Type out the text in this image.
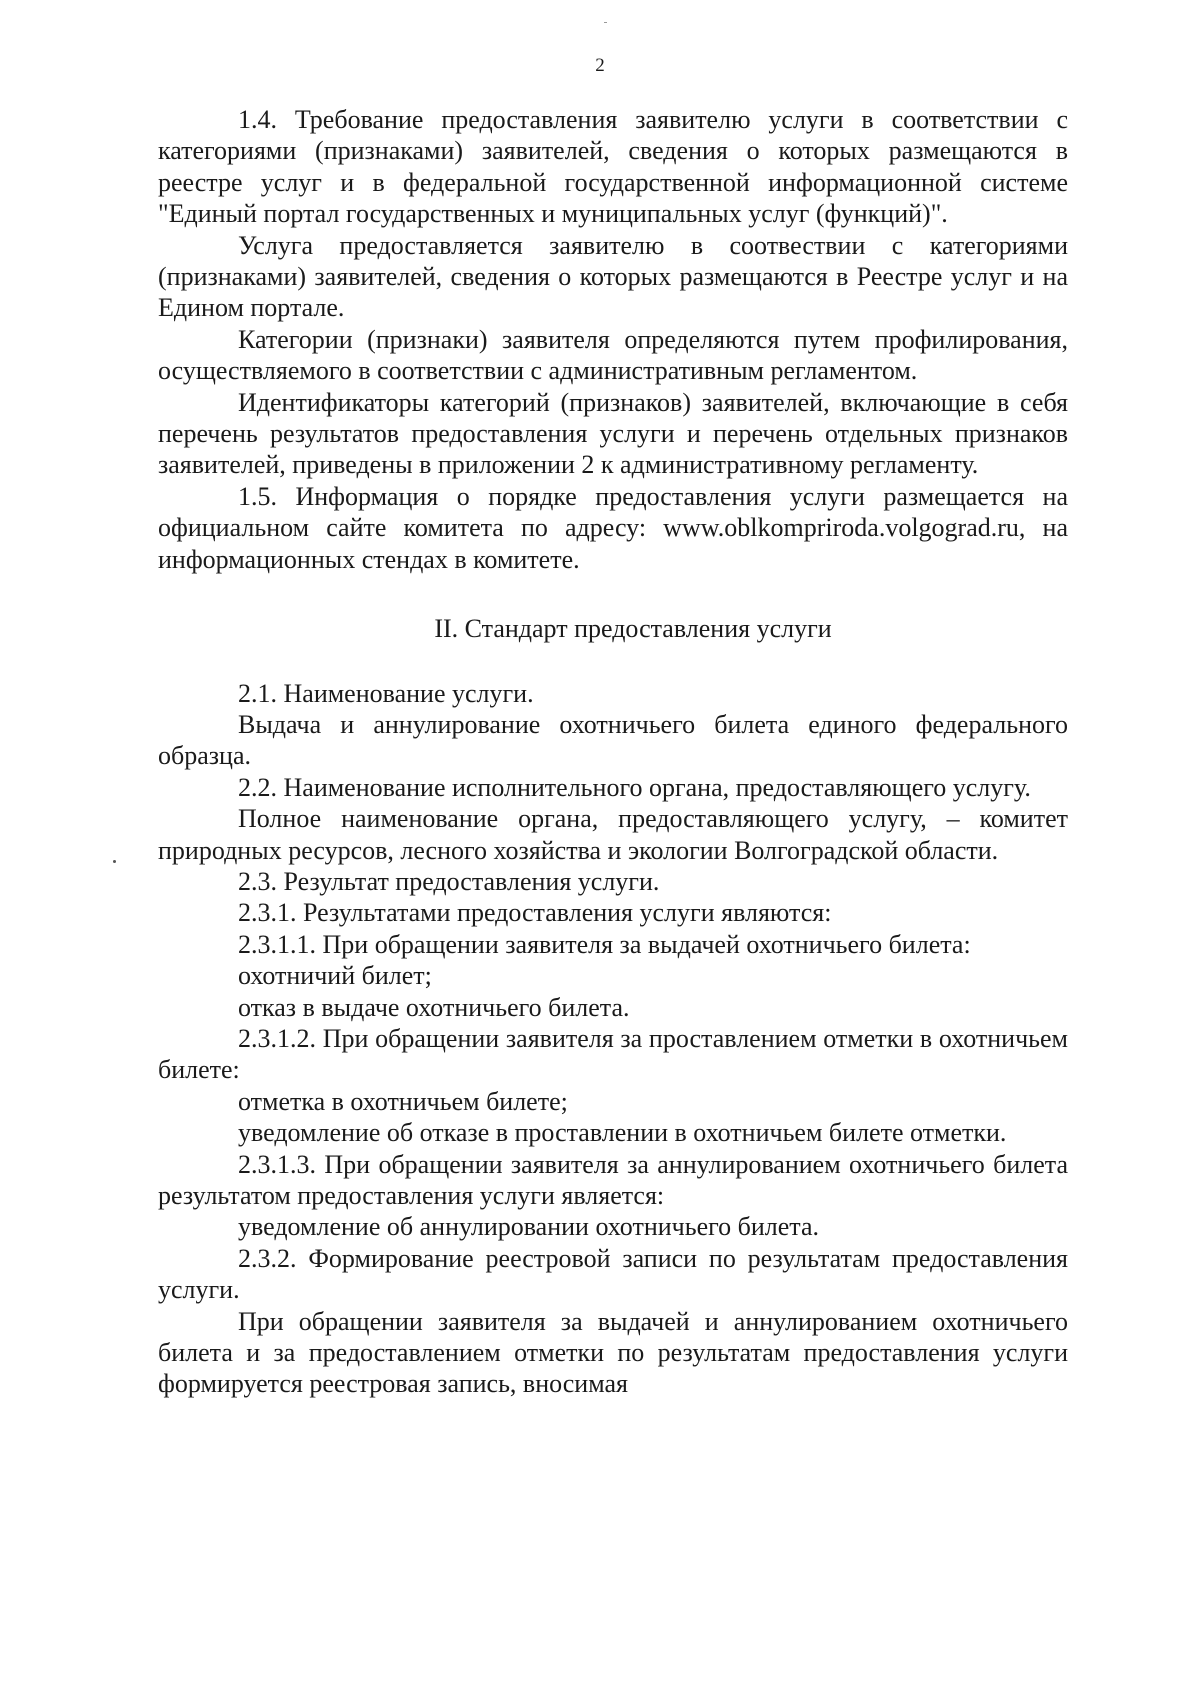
2

1.4. Требование предоставления заявителю услуги в соответствии с категориями (признаками) заявителей, сведения о которых размещаются в реестре услуг и в федеральной государственной информационной системе "Единый портал государственных и муниципальных услуг (функций)".

Услуга предоставляется заявителю в соотвествии с категориями (признаками) заявителей, сведения о которых размещаются в Реестре услуг и на Едином портале.

Категории (признаки) заявителя определяются путем профилирования, осуществляемого в соответствии с административным регламентом.

Идентификаторы категорий (признаков) заявителей, включающие в себя перечень результатов предоставления услуги и перечень отдельных признаков заявителей, приведены в приложении 2 к административному регламенту.

1.5. Информация о порядке предоставления услуги размещается на официальном сайте комитета по адресу: www.oblkompriroda.volgograd.ru, на информационных стендах в комитете.

II. Стандарт предоставления услуги

2.1. Наименование услуги.

Выдача и аннулирование охотничьего билета единого федерального образца.

2.2. Наименование исполнительного органа, предоставляющего услугу.

Полное наименование органа, предоставляющего услугу, – комитет природных ресурсов, лесного хозяйства и экологии Волгоградской области.

2.3. Результат предоставления услуги.

2.3.1. Результатами предоставления услуги являются:

2.3.1.1. При обращении заявителя за выдачей охотничьего билета:

охотничий билет;

отказ в выдаче охотничьего билета.

2.3.1.2. При обращении заявителя за проставлением отметки в охотничьем билете:

отметка в охотничьем билете;

уведомление об отказе в проставлении в охотничьем билете отметки.

2.3.1.3. При обращении заявителя за аннулированием охотничьего билета результатом предоставления услуги является:

уведомление об аннулировании охотничьего билета.

2.3.2. Формирование реестровой записи по результатам предоставления услуги.

При обращении заявителя за выдачей и аннулированием охотничьего билета и за предоставлением отметки по результатам предоставления услуги формируется реестровая запись, вносимая
